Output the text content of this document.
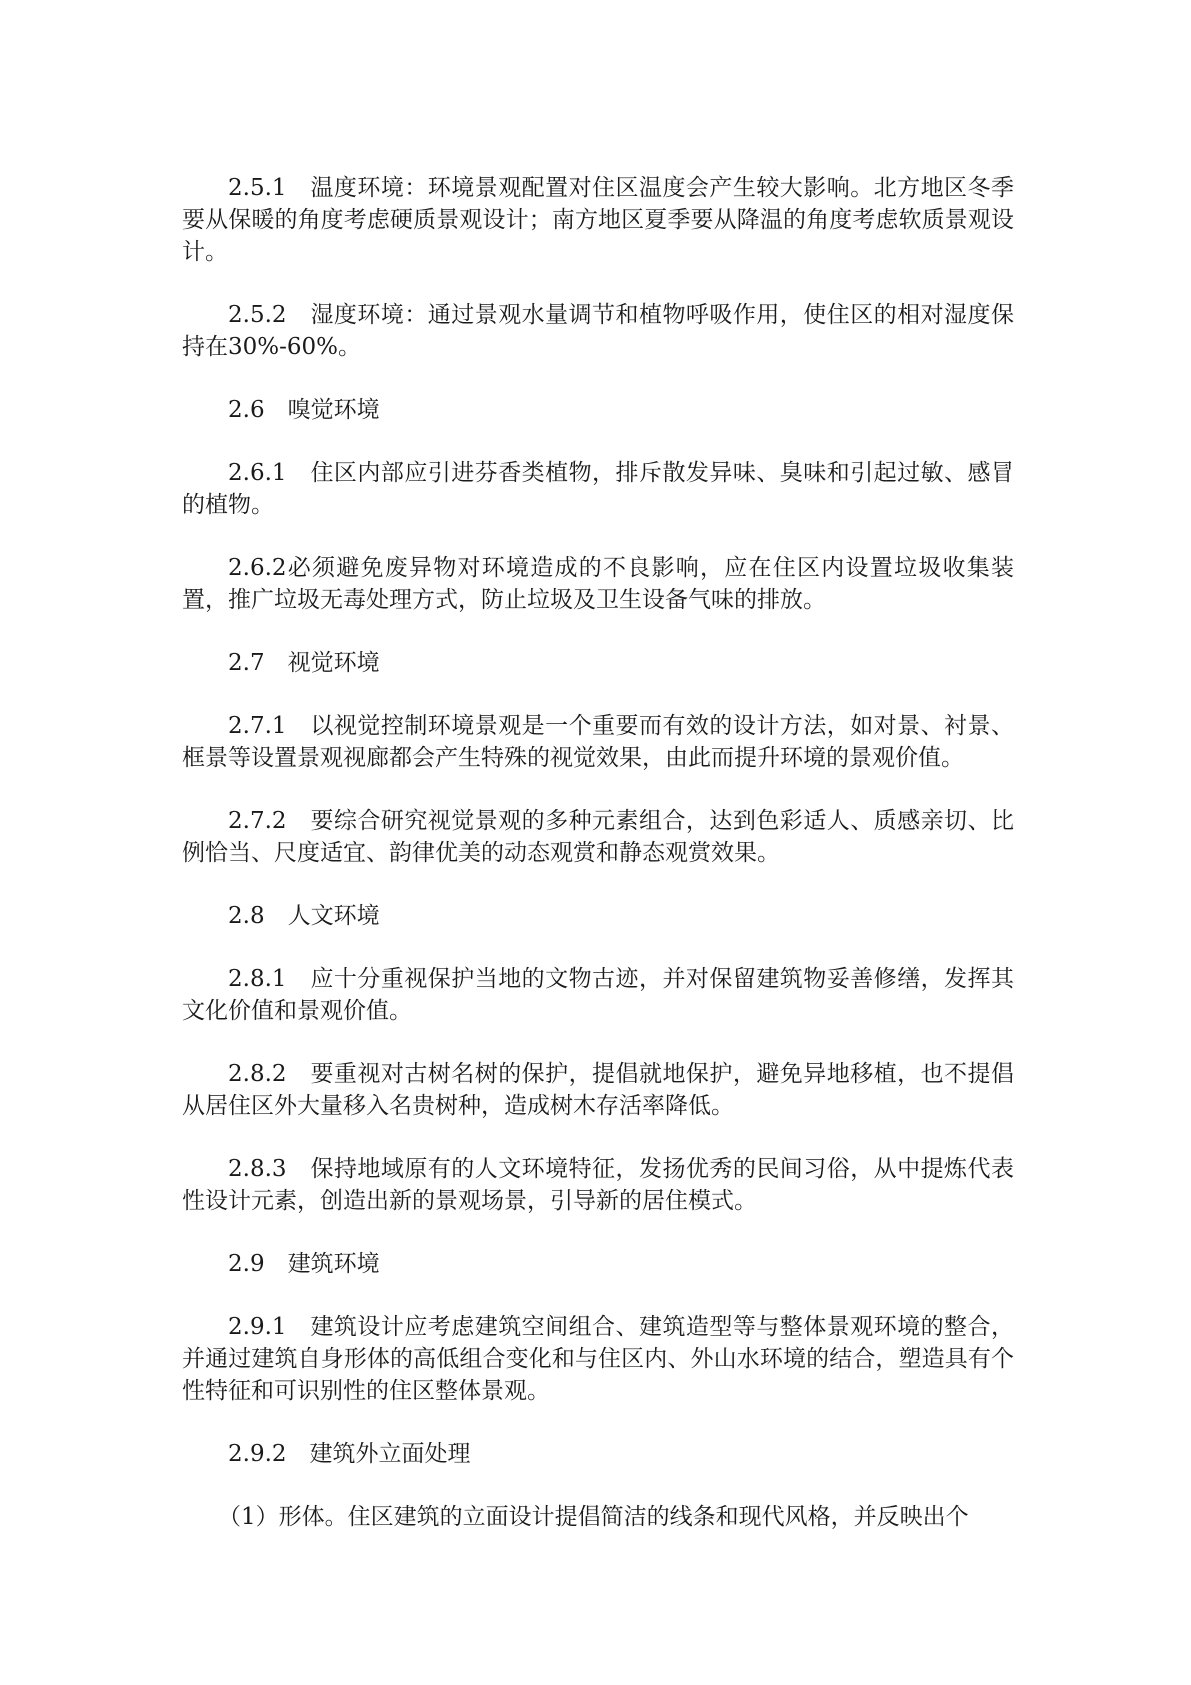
2.5.1　温度环境：环境景观配置对住区温度会产生较大影响。北方地区冬季要从保暖的角度考虑硬质景观设计；南方地区夏季要从降温的角度考虑软质景观设计。

2.5.2　湿度环境：通过景观水量调节和植物呼吸作用，使住区的相对湿度保持在30%-60%。

2.6　嗅觉环境

2.6.1　住区内部应引进芬香类植物，排斥散发异味、臭味和引起过敏、感冒的植物。

2.6.2必须避免废异物对环境造成的不良影响，应在住区内设置垃圾收集装置，推广垃圾无毒处理方式，防止垃圾及卫生设备气味的排放。

2.7　视觉环境

2.7.1　以视觉控制环境景观是一个重要而有效的设计方法，如对景、衬景、框景等设置景观视廊都会产生特殊的视觉效果，由此而提升环境的景观价值。

2.7.2　要综合研究视觉景观的多种元素组合，达到色彩适人、质感亲切、比例恰当、尺度适宜、韵律优美的动态观赏和静态观赏效果。

2.8　人文环境

2.8.1　应十分重视保护当地的文物古迹，并对保留建筑物妥善修缮，发挥其文化价值和景观价值。

2.8.2　要重视对古树名树的保护，提倡就地保护，避免异地移植，也不提倡从居住区外大量移入名贵树种，造成树木存活率降低。

2.8.3　保持地域原有的人文环境特征，发扬优秀的民间习俗，从中提炼代表性设计元素，创造出新的景观场景，引导新的居住模式。

2.9　建筑环境

2.9.1　建筑设计应考虑建筑空间组合、建筑造型等与整体景观环境的整合，并通过建筑自身形体的高低组合变化和与住区内、外山水环境的结合，塑造具有个性特征和可识别性的住区整体景观。

2.9.2　建筑外立面处理

（1）形体。住区建筑的立面设计提倡简洁的线条和现代风格，并反映出个
